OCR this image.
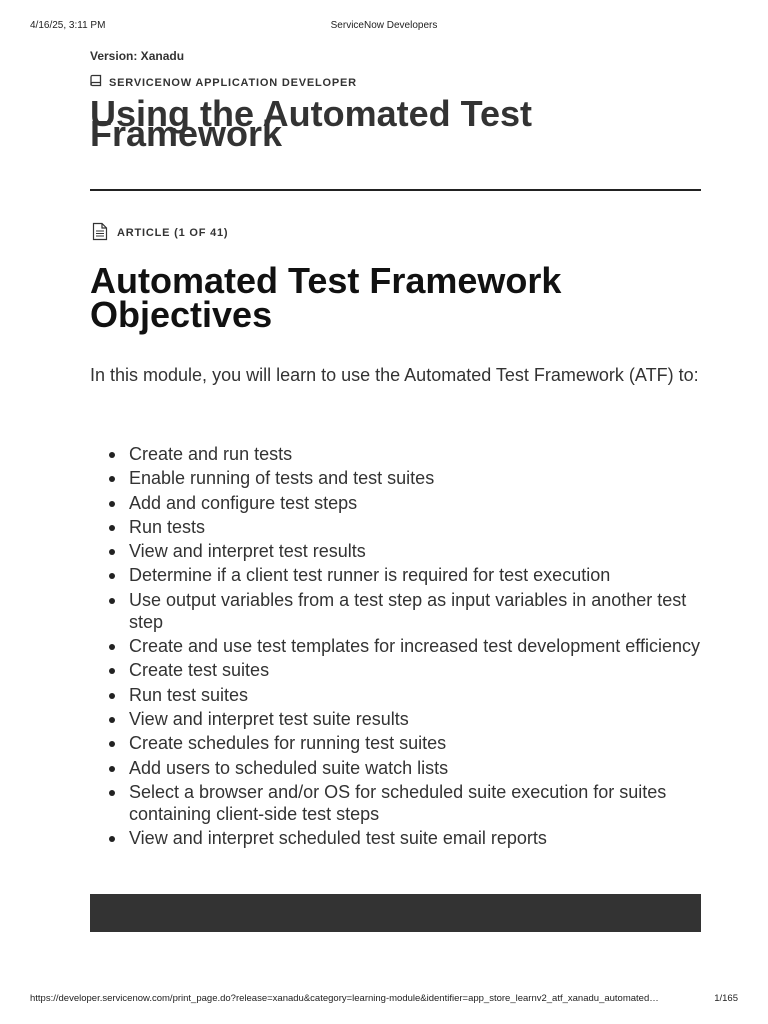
4/16/25, 3:11 PM	ServiceNow Developers
Version: Xanadu
SERVICENOW APPLICATION DEVELOPER
Using the Automated Test Framework
ARTICLE (1 OF 41)
Automated Test Framework Objectives

In this module, you will learn to use the Automated Test Framework (ATF) to:

Create and run tests
Enable running of tests and test suites
Add and configure test steps
Run tests
View and interpret test results
Determine if a client test runner is required for test execution
Use output variables from a test step as input variables in another test step
Create and use test templates for increased test development efficiency
Create test suites
Run test suites
View and interpret test suite results
Create schedules for running test suites
Add users to scheduled suite watch lists
Select a browser and/or OS for scheduled suite execution for suites containing client-side test steps
View and interpret scheduled test suite email reports
https://developer.servicenow.com/print_page.do?release=xanadu&category=learning-module&identifier=app_store_learnv2_atf_xanadu_automated…	1/165
